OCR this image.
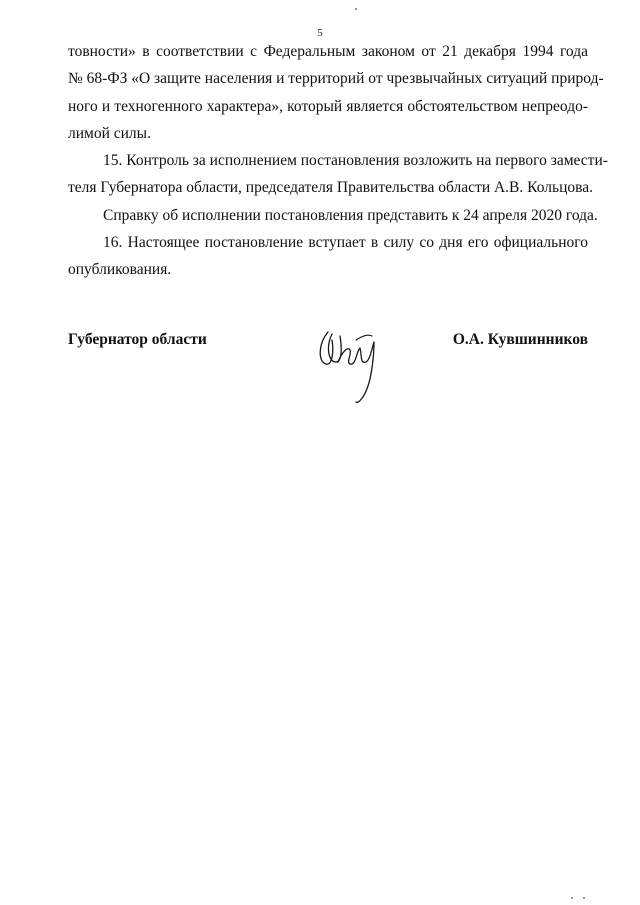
5
товности» в соответствии с Федеральным законом от 21 декабря 1994 года
№ 68-ФЗ «О защите населения и территорий от чрезвычайных ситуаций природ-
ного и техногенного характера», который является обстоятельством непреодо-
лимой силы.
15. Контроль за исполнением постановления возложить на первого замести-
теля Губернатора области, председателя Правительства области А.В. Кольцова.
Справку об исполнении постановления представить к 24 апреля 2020 года.
16. Настоящее постановление вступает в силу со дня его официального
опубликования.
Губернатор области	О.А. Кувшинников
